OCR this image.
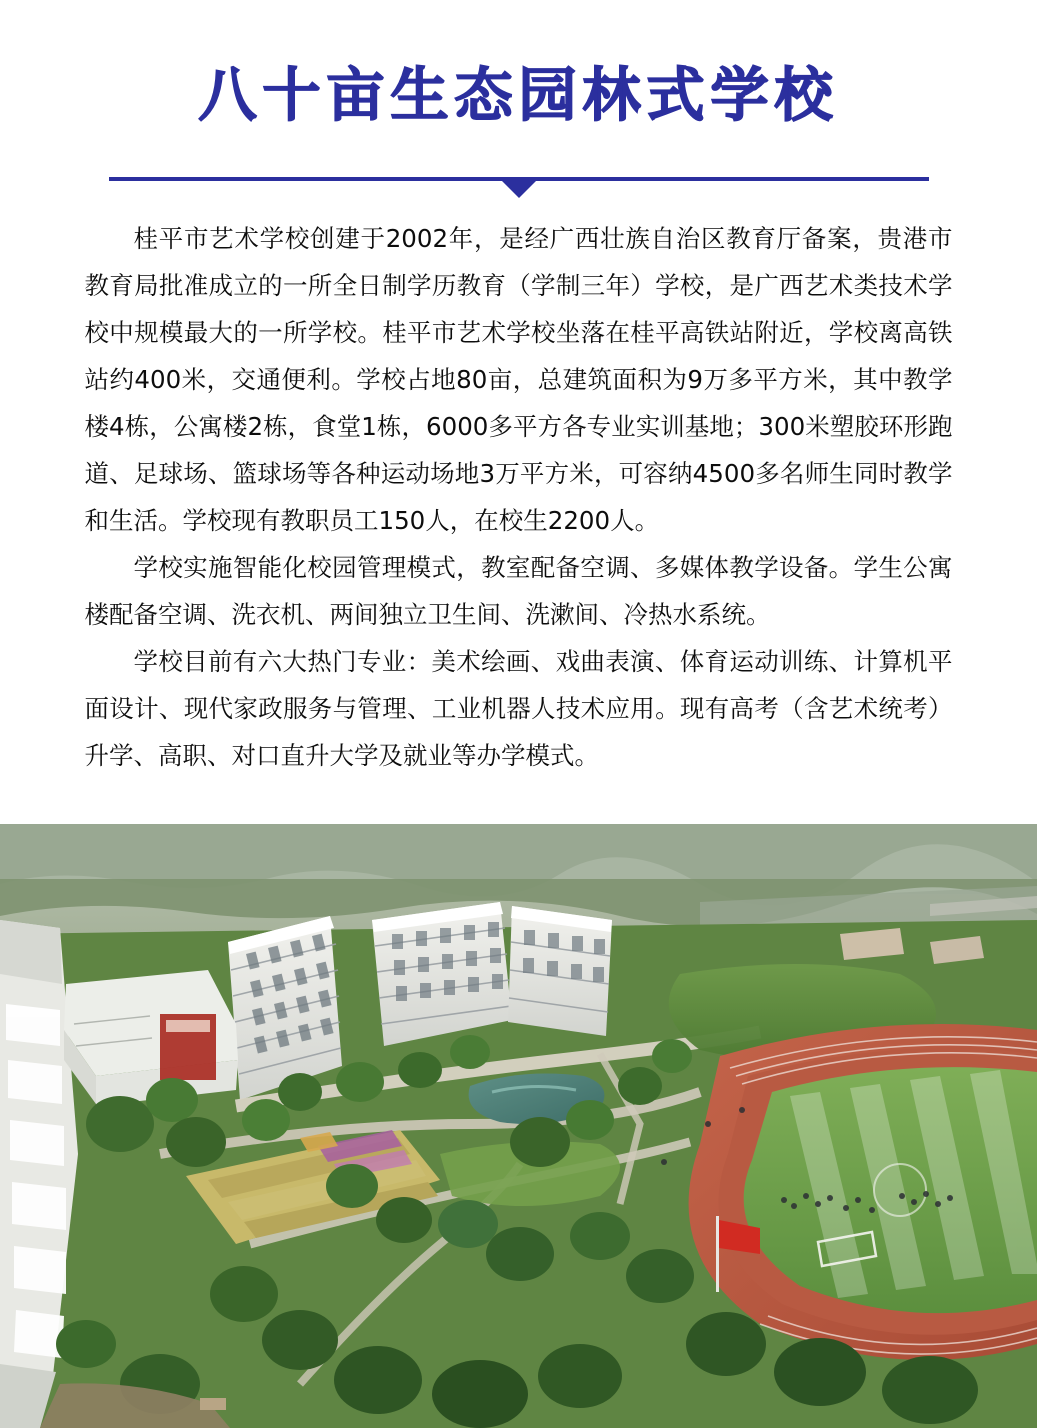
八十亩生态园林式学校

桂平市艺术学校创建于2002年，是经广西壮族自治区教育厅备案，贵港市教育局批准成立的一所全日制学历教育（学制三年）学校，是广西艺术类技术学校中规模最大的一所学校。桂平市艺术学校坐落在桂平高铁站附近，学校离高铁站约400米，交通便利。学校占地80亩，总建筑面积为9万多平方米，其中教学楼4栋，公寓楼2栋，食堂1栋，6000多平方各专业实训基地；300米塑胶环形跑道、足球场、篮球场等各种运动场地3万平方米，可容纳4500多名师生同时教学和生活。学校现有教职员工150人，在校生2200人。

学校实施智能化校园管理模式，教室配备空调、多媒体教学设备。学生公寓楼配备空调、洗衣机、两间独立卫生间、洗漱间、冷热水系统。

学校目前有六大热门专业：美术绘画、戏曲表演、体育运动训练、计算机平面设计、现代家政服务与管理、工业机器人技术应用。现有高考（含艺术统考）升学、高职、对口直升大学及就业等办学模式。
